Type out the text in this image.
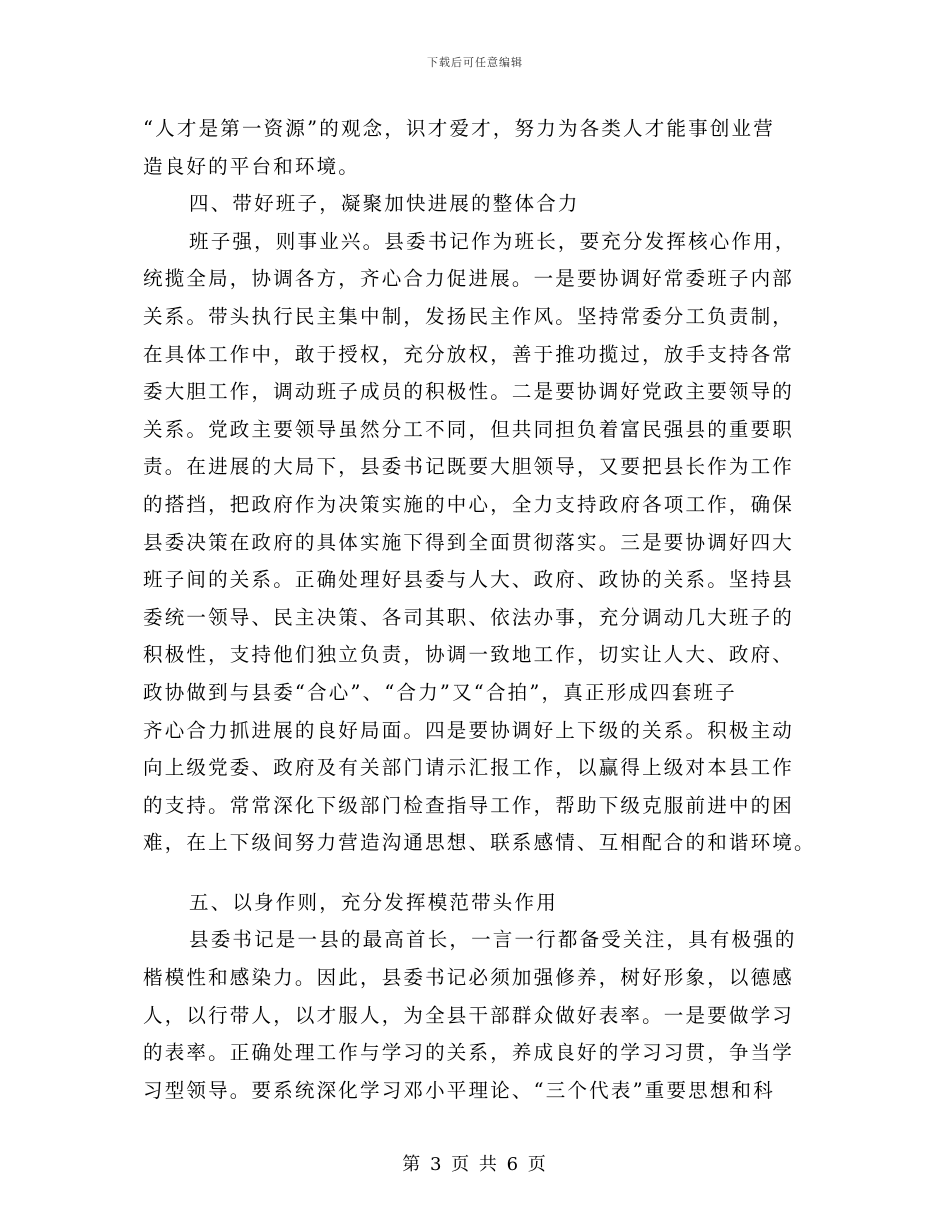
下载后可任意编辑
“人才是第一资源”的观念，识才爱才，努力为各类人才能事创业营
造良好的平台和环境。
四、带好班子，凝聚加快进展的整体合力
班子强，则事业兴。县委书记作为班长，要充分发挥核心作用，
统揽全局，协调各方，齐心合力促进展。一是要协调好常委班子内部
关系。带头执行民主集中制，发扬民主作风。坚持常委分工负责制，
在具体工作中，敢于授权，充分放权，善于推功揽过，放手支持各常
委大胆工作，调动班子成员的积极性。二是要协调好党政主要领导的
关系。党政主要领导虽然分工不同，但共同担负着富民强县的重要职
责。在进展的大局下，县委书记既要大胆领导，又要把县长作为工作
的搭挡，把政府作为决策实施的中心，全力支持政府各项工作，确保
县委决策在政府的具体实施下得到全面贯彻落实。三是要协调好四大
班子间的关系。正确处理好县委与人大、政府、政协的关系。坚持县
委统一领导、民主决策、各司其职、依法办事，充分调动几大班子的
积极性，支持他们独立负责，协调一致地工作，切实让人大、政府、
政协做到与县委“合心”、“合力”又“合拍”，真正形成四套班子
齐心合力抓进展的良好局面。四是要协调好上下级的关系。积极主动
向上级党委、政府及有关部门请示汇报工作，以赢得上级对本县工作
的支持。常常深化下级部门检查指导工作，帮助下级克服前进中的困
难，在上下级间努力营造沟通思想、联系感情、互相配合的和谐环境。
五、以身作则，充分发挥模范带头作用
县委书记是一县的最高首长，一言一行都备受关注，具有极强的
楷模性和感染力。因此，县委书记必须加强修养，树好形象，以德感
人，以行带人，以才服人，为全县干部群众做好表率。一是要做学习
的表率。正确处理工作与学习的关系，养成良好的学习习贯，争当学
习型领导。要系统深化学习邓小平理论、“三个代表”重要思想和科
第 3 页 共 6 页
